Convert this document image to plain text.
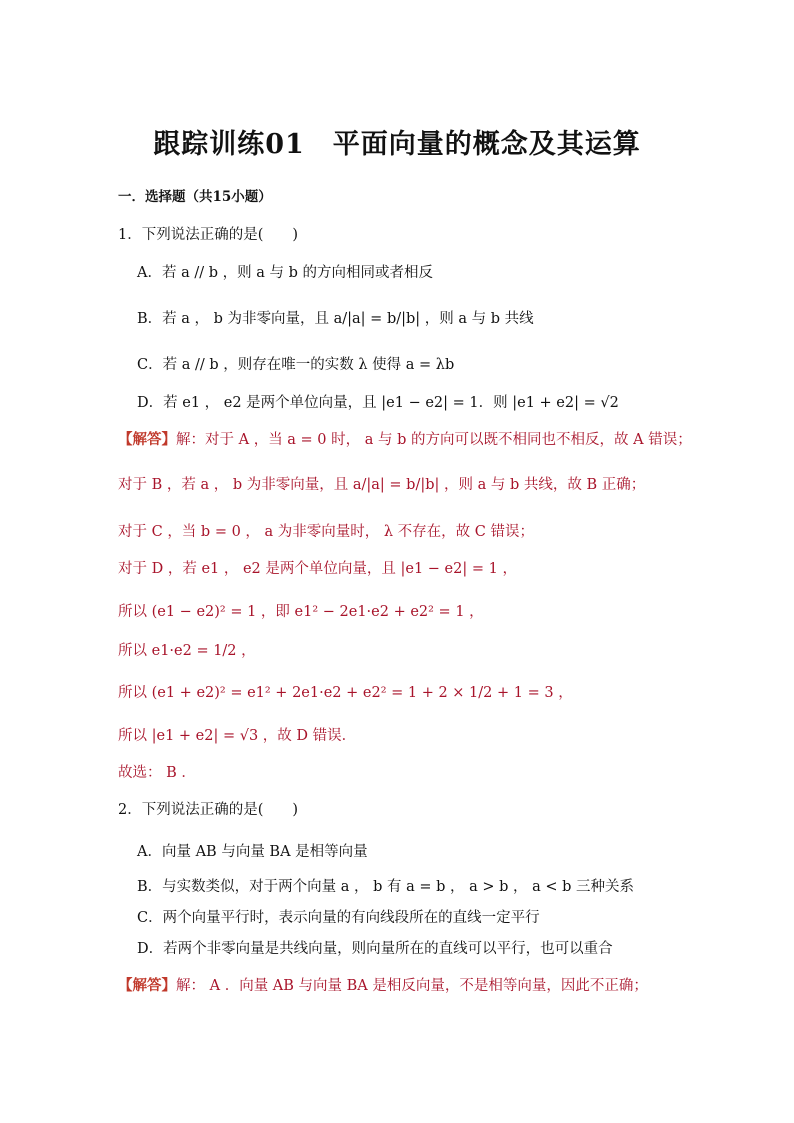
跟踪训练01　平面向量的概念及其运算
一．选择题（共15小题）
1．下列说法正确的是(　　)
A．若 a // b ，则 a 与 b 的方向相同或者相反
B．若 a ， b 为非零向量，且 a/|a| = b/|b| ，则 a 与 b 共线
C．若 a // b ，则存在唯一的实数 λ 使得 a = λb
D．若 e1 ， e2 是两个单位向量，且 |e1 − e2| = 1．则 |e1 + e2| = √2
【解答】解：对于 A ，当 a = 0 时， a 与 b 的方向可以既不相同也不相反，故 A 错误；
对于 B ，若 a ， b 为非零向量，且 a/|a| = b/|b| ，则 a 与 b 共线，故 B 正确；
对于 C ，当 b = 0 ， a 为非零向量时， λ 不存在，故 C 错误；
对于 D ，若 e1 ， e2 是两个单位向量，且 |e1 − e2| = 1 ，
所以 (e1 − e2)² = 1 ，即 e1² − 2e1·e2 + e2² = 1 ，
所以 e1·e2 = 1/2 ，
所以 (e1 + e2)² = e1² + 2e1·e2 + e2² = 1 + 2 × 1/2 + 1 = 3 ，
所以 |e1 + e2| = √3 ，故 D 错误．
故选： B ．
2．下列说法正确的是(　　)
A．向量 AB 与向量 BA 是相等向量
B．与实数类似，对于两个向量 a ， b 有 a = b ， a > b ， a < b 三种关系
C．两个向量平行时，表示向量的有向线段所在的直线一定平行
D．若两个非零向量是共线向量，则向量所在的直线可以平行，也可以重合
【解答】解： A ．向量 AB 与向量 BA 是相反向量，不是相等向量，因此不正确；
